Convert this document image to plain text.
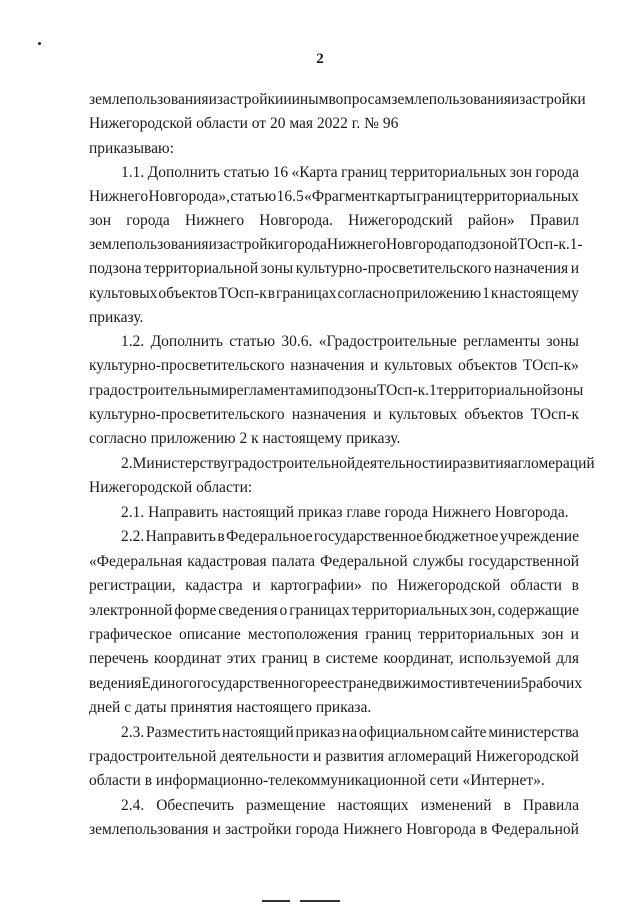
2
землепользования и застройки и иным вопросам землепользования и застройки
Нижегородской области от 20 мая 2022 г. № 96
приказываю:
1.1. Дополнить статью 16 «Карта границ территориальных зон города
Нижнего Новгорода», статью 16.5 «Фрагмент карты границ территориальных
зон города Нижнего Новгорода. Нижегородский район» Правил
землепользования и застройки города Нижнего Новгорода подзоной ТОсп-к.1 -
подзона территориальной зоны культурно-просветительского назначения и
культовых объектов ТОсп-к в границах согласно приложению 1 к настоящему
приказу.
1.2. Дополнить статью 30.6. «Градостроительные регламенты зоны
культурно-просветительского назначения и культовых объектов ТОсп-к»
градостроительными регламентами подзоны ТОсп-к.1 территориальной зоны
культурно-просветительского назначения и культовых объектов ТОсп-к
согласно приложению 2 к настоящему приказу.
2. Министерству градостроительной деятельности и развития агломераций
Нижегородской области:
2.1. Направить настоящий приказ главе города Нижнего Новгорода.
2.2. Направить в Федеральное государственное бюджетное учреждение
«Федеральная кадастровая палата Федеральной службы государственной
регистрации, кадастра и картографии» по Нижегородской области в
электронной форме сведения о границах территориальных зон, содержащие
графическое описание местоположения границ территориальных зон и
перечень координат этих границ в системе координат, используемой для
ведения Единого государственного реестра недвижимости в течении 5 рабочих
дней с даты принятия настоящего приказа.
2.3. Разместить настоящий приказ на официальном сайте министерства
градостроительной деятельности и развития агломераций Нижегородской
области в информационно-телекоммуникационной сети «Интернет».
2.4. Обеспечить размещение настоящих изменений в Правила
землепользования и застройки города Нижнего Новгорода в Федеральной
